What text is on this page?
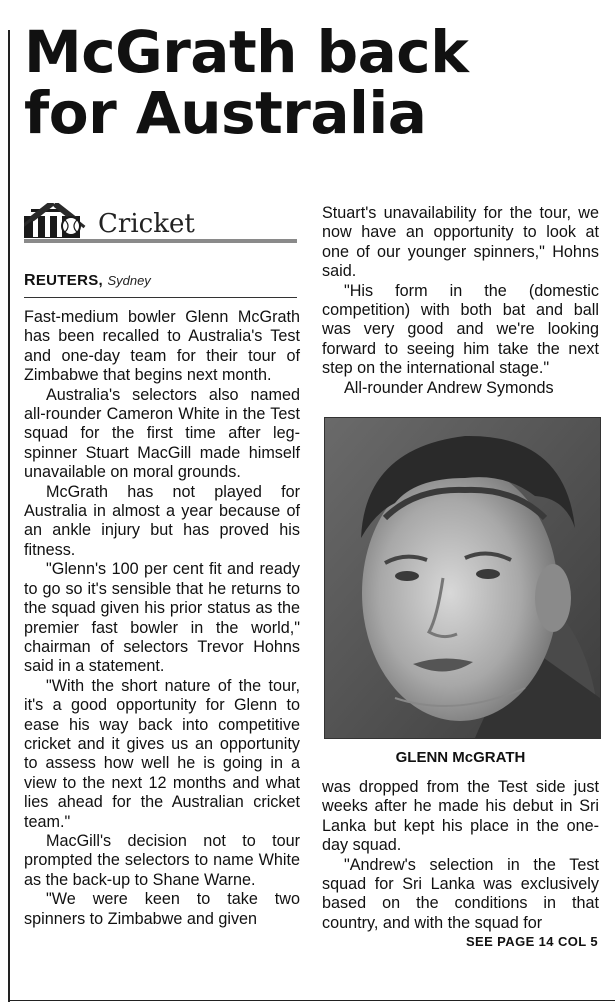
McGrath back
for Australia
Cricket
REUTERS, Sydney

Fast-medium bowler Glenn McGrath has been recalled to Australia's Test and one-day team for their tour of Zimbabwe that begins next month.

Australia's selectors also named all-rounder Cameron White in the Test squad for the first time after leg-spinner Stuart MacGill made himself unavailable on moral grounds.

McGrath has not played for Australia in almost a year because of an ankle injury but has proved his fitness.

"Glenn's 100 per cent fit and ready to go so it's sensible that he returns to the squad given his prior status as the premier fast bowler in the world," chairman of selectors Trevor Hohns said in a statement.

"With the short nature of the tour, it's a good opportunity for Glenn to ease his way back into competitive cricket and it gives us an opportunity to assess how well he is going in a view to the next 12 months and what lies ahead for the Australian cricket team."

MacGill's decision not to tour prompted the selectors to name White as the back-up to Shane Warne.

"We were keen to take two spinners to Zimbabwe and given

Stuart's unavailability for the tour, we now have an opportunity to look at one of our younger spinners," Hohns said.

"His form in the (domestic competition) with both bat and ball was very good and we're looking forward to seeing him take the next step on the international stage."

All-rounder Andrew Symonds

GLENN McGRATH

was dropped from the Test side just weeks after he made his debut in Sri Lanka but kept his place in the one-day squad.

"Andrew's selection in the Test squad for Sri Lanka was exclusively based on the conditions in that country, and with the squad for

SEE PAGE 14 COL 5
